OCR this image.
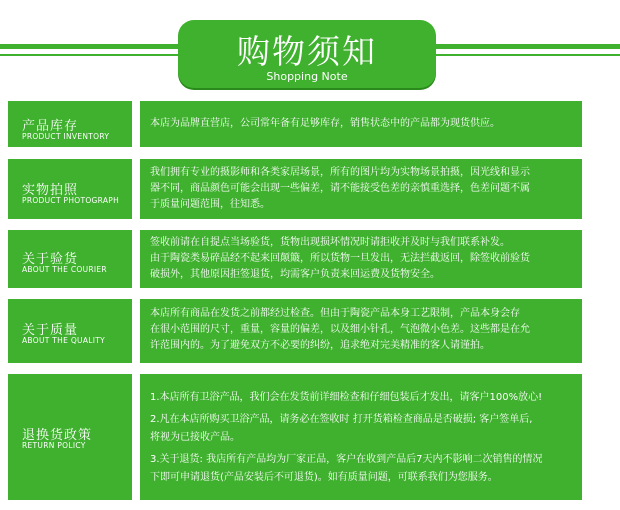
购物须知
Shopping Note
产品库存
PRODUCT INVENTORY
本店为品牌直营店，公司常年备有足够库存，销售状态中的产品都为现货供应。
实物拍照
PRODUCT PHOTOGRAPH
我们拥有专业的摄影师和各类家居场景，所有的图片均为实物场景拍摄，因光线和显示
器不同，商品颜色可能会出现一些偏差，请不能接受色差的亲慎重选择，色差问题不属
于质量问题范围，往知悉。
关于验货
ABOUT THE COURIER
签收前请在自提点当场验货，货物出现损坏情况时请拒收并及时与我们联系补发。
由于陶瓷类易碎品经不起来回颠簸，所以货物一旦发出，无法拦截返回，除签收前验货
破损外，其他原因拒签退货，均需客户负责来回运费及货物安全。
关于质量
ABOUT THE QUALITY
本店所有商品在发货之前都经过检查。但由于陶瓷产品本身工艺限制，产品本身会存
在很小范围的尺寸，重量，容量的偏差，以及细小针孔，气泡微小色差。这些都是在允
许范围内的。为了避免双方不必要的纠纷，追求绝对完美精准的客人请谨拍。
退换货政策
RETURN POLICY
1.本店所有卫浴产品，我们会在发货前详细检查和仔细包装后才发出，请客户100%放心!
2.凡在本店所购买卫浴产品，请务必在签收时 打开货箱检查商品是否破损; 客户签单后,
将视为已接收产品。
3.关于退货: 我店所有产品均为厂家正品，客户在收到产品后7天内不影响二次销售的情况
下即可申请退货(产品安装后不可退货)。如有质量问题，可联系我们为您服务。
